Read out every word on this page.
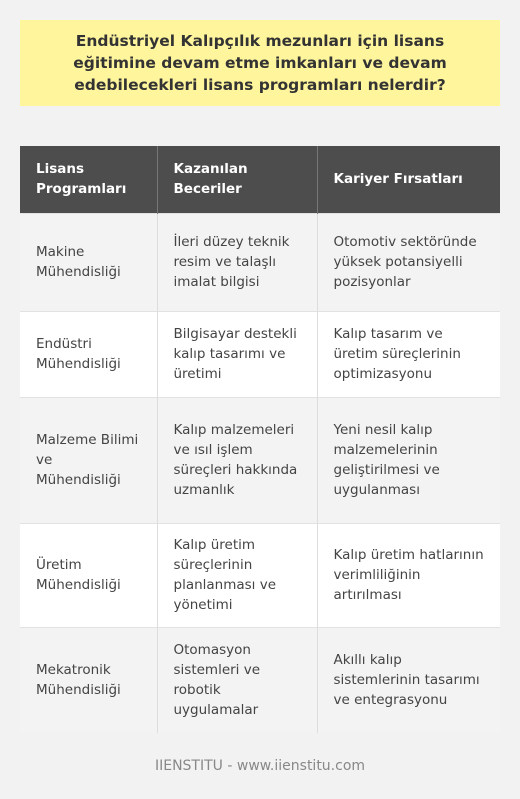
Endüstriyel Kalıpçılık mezunları için lisans eğitimine devam etme imkanları ve devam edebilecekleri lisans programları nelerdir?

Lisans Programları	Kazanılan Beceriler	Kariyer Fırsatları
Makine Mühendisliği	İleri düzey teknik resim ve talaşlı imalat bilgisi	Otomotiv sektöründe yüksek potansiyelli pozisyonlar
Endüstri Mühendisliği	Bilgisayar destekli kalıp tasarımı ve üretimi	Kalıp tasarım ve üretim süreçlerinin optimizasyonu
Malzeme Bilimi ve Mühendisliği	Kalıp malzemeleri ve ısıl işlem süreçleri hakkında uzmanlık	Yeni nesil kalıp malzemelerinin geliştirilmesi ve uygulanması
Üretim Mühendisliği	Kalıp üretim süreçlerinin planlanması ve yönetimi	Kalıp üretim hatlarının verimliliğinin artırılması
Mekatronik Mühendisliği	Otomasyon sistemleri ve robotik uygulamalar	Akıllı kalıp sistemlerinin tasarımı ve entegrasyonu
IIENSTITU - www.iienstitu.com
